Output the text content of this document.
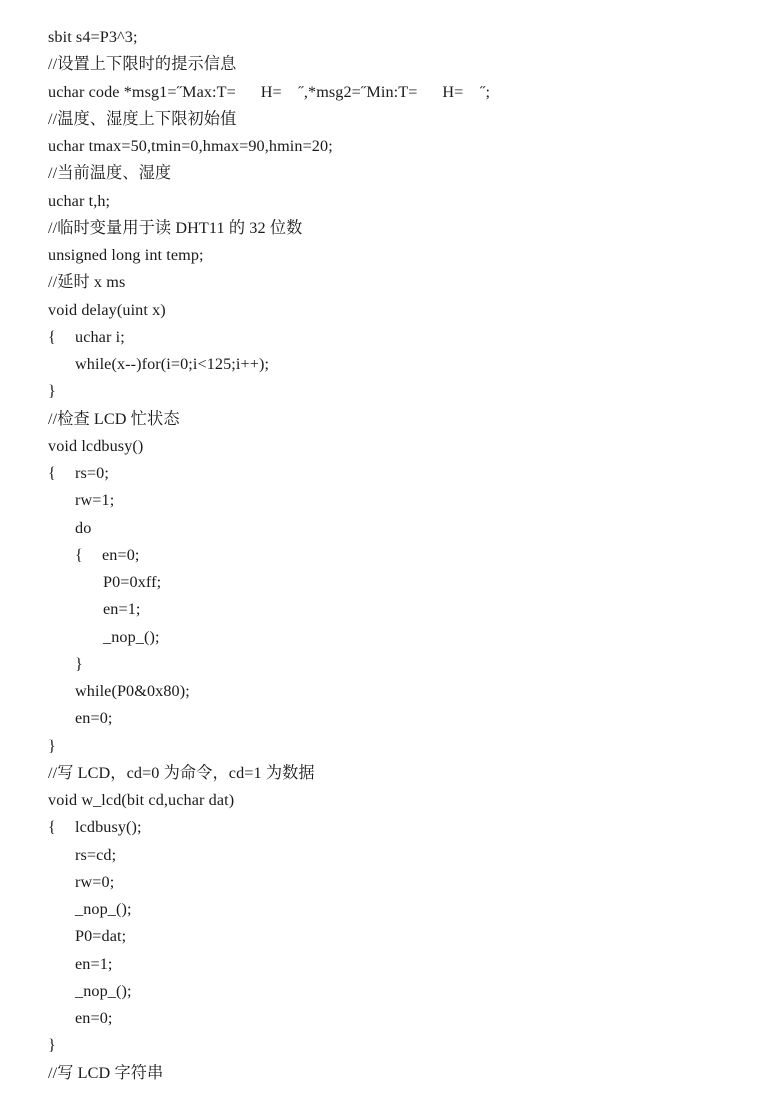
sbit s4=P3^3;
//设置上下限时的提示信息
uchar code *msg1=˝Max:T=      H=    ˝,*msg2=˝Min:T=      H=    ˝;
//温度、湿度上下限初始值
uchar tmax=50,tmin=0,hmax=90,hmin=20;
//当前温度、湿度
uchar t,h;
//临时变量用于读 DHT11 的 32 位数
unsigned long int temp;
//延时 x ms
void delay(uint x)
{ uchar i;
while(x--)for(i=0;i<125;i++);
}
//检查 LCD 忙状态
void lcdbusy()
{ rs=0;
rw=1;
do
{ en=0;
P0=0xff;
en=1;
_nop_();
}
while(P0&0x80);
en=0;
}
//写 LCD，cd=0 为命令，cd=1 为数据
void w_lcd(bit cd,uchar dat)
{ lcdbusy();
rs=cd;
rw=0;
_nop_();
P0=dat;
en=1;
_nop_();
en=0;
}
//写 LCD 字符串
